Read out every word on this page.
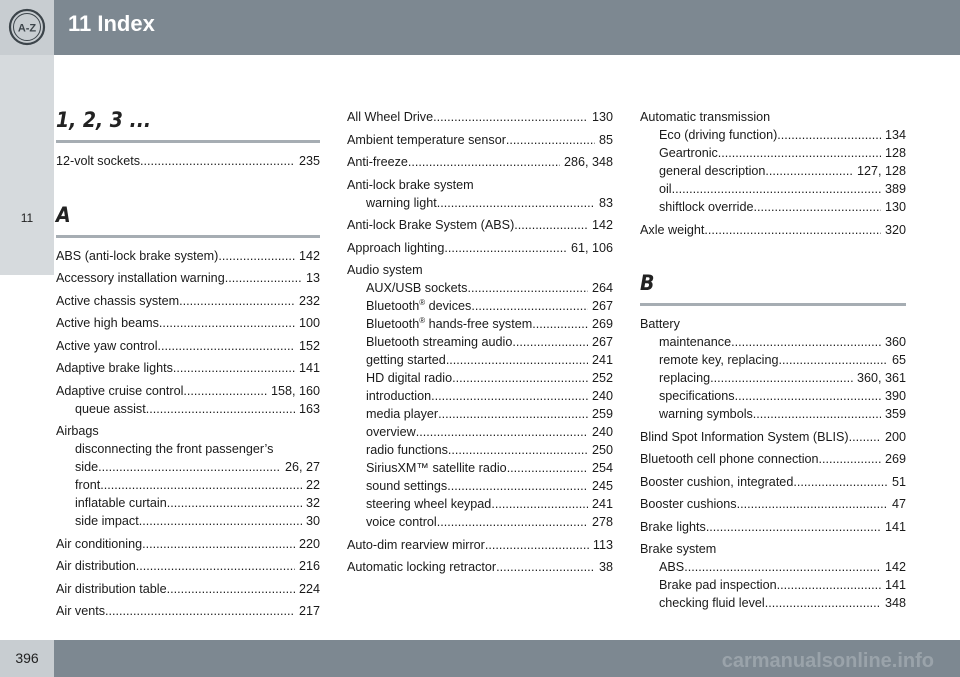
A-Z 11 Index
11
1, 2, 3 ...
12-volt sockets .....	235
A
ABS (anti-lock brake system) .....	142
Accessory installation warning .....	13
Active chassis system .....	232
Active high beams .....	100
Active yaw control .....	152
Adaptive brake lights .....	141
Adaptive cruise control .....	158, 160
queue assist .....	163
Airbags
disconnecting the front passenger’s
side .....	26, 27
front .....	22
inflatable curtain .....	32
side impact .....	30
Air conditioning .....	220
Air distribution .....	216
Air distribution table .....	224
Air vents .....	217
All Wheel Drive .....	130
Ambient temperature sensor .....	85
Anti-freeze .....	286, 348
Anti-lock brake system
warning light .....	83
Anti-lock Brake System (ABS) .....	142
Approach lighting .....	61, 106
Audio system
AUX/USB sockets .....	264
Bluetooth® devices .....	267
Bluetooth® hands-free system .....	269
Bluetooth streaming audio .....	267
getting started .....	241
HD digital radio .....	252
introduction .....	240
media player .....	259
overview .....	240
radio functions .....	250
SiriusXM™ satellite radio .....	254
sound settings .....	245
steering wheel keypad .....	241
voice control .....	278
Auto-dim rearview mirror .....	113
Automatic locking retractor .....	38
Automatic transmission
Eco (driving function) .....	134
Geartronic .....	128
general description .....	127, 128
oil .....	389
shiftlock override .....	130
Axle weight .....	320
B
Battery
maintenance .....	360
remote key, replacing .....	65
replacing .....	360, 361
specifications .....	390
warning symbols .....	359
Blind Spot Information System (BLIS) .....	200
Bluetooth cell phone connection .....	269
Booster cushion, integrated .....	51
Booster cushions .....	47
Brake lights .....	141
Brake system
ABS .....	142
Brake pad inspection .....	141
checking fluid level .....	348
396	carmanualsonline.info
